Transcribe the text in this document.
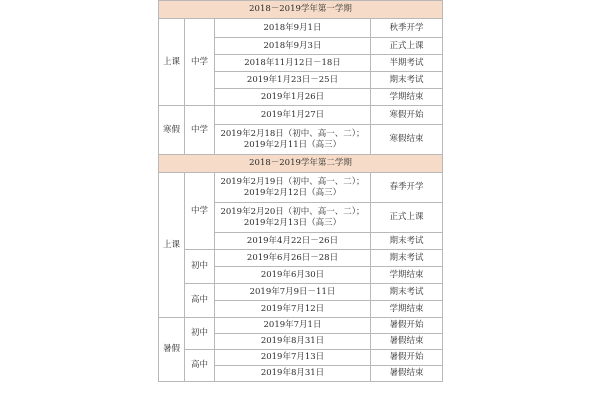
2018－2019学年第一学期			
上课	中学	2018年9月1日	秋季开学
		2018年9月3日	正式上课
		2018年11月12日－18日	半期考试
		2019年1月23日－25日	期末考试
		2019年1月26日	学期结束
寒假	中学	2019年1月27日	寒假开始
		2019年2月18日（初中、高一、二）；2019年2月11日（高三）	寒假结束
2018－2019学年第二学期			
上课	中学	2019年2月19日（初中、高一、二）；2019年2月12日（高三）	春季开学
		2019年2月20日（初中、高一、二）；2019年2月13日（高三）	正式上课
		2019年4月22日－26日	期末考试
	初中	2019年6月26日－28日	期末考试
		2019年6月30日	学期结束
	高中	2019年7月9日－11日	期末考试
		2019年7月12日	学期结束
暑假	初中	2019年7月1日	暑假开始
		2019年8月31日	暑假结束
	高中	2019年7月13日	暑假开始
		2019年8月31日	暑假结束
